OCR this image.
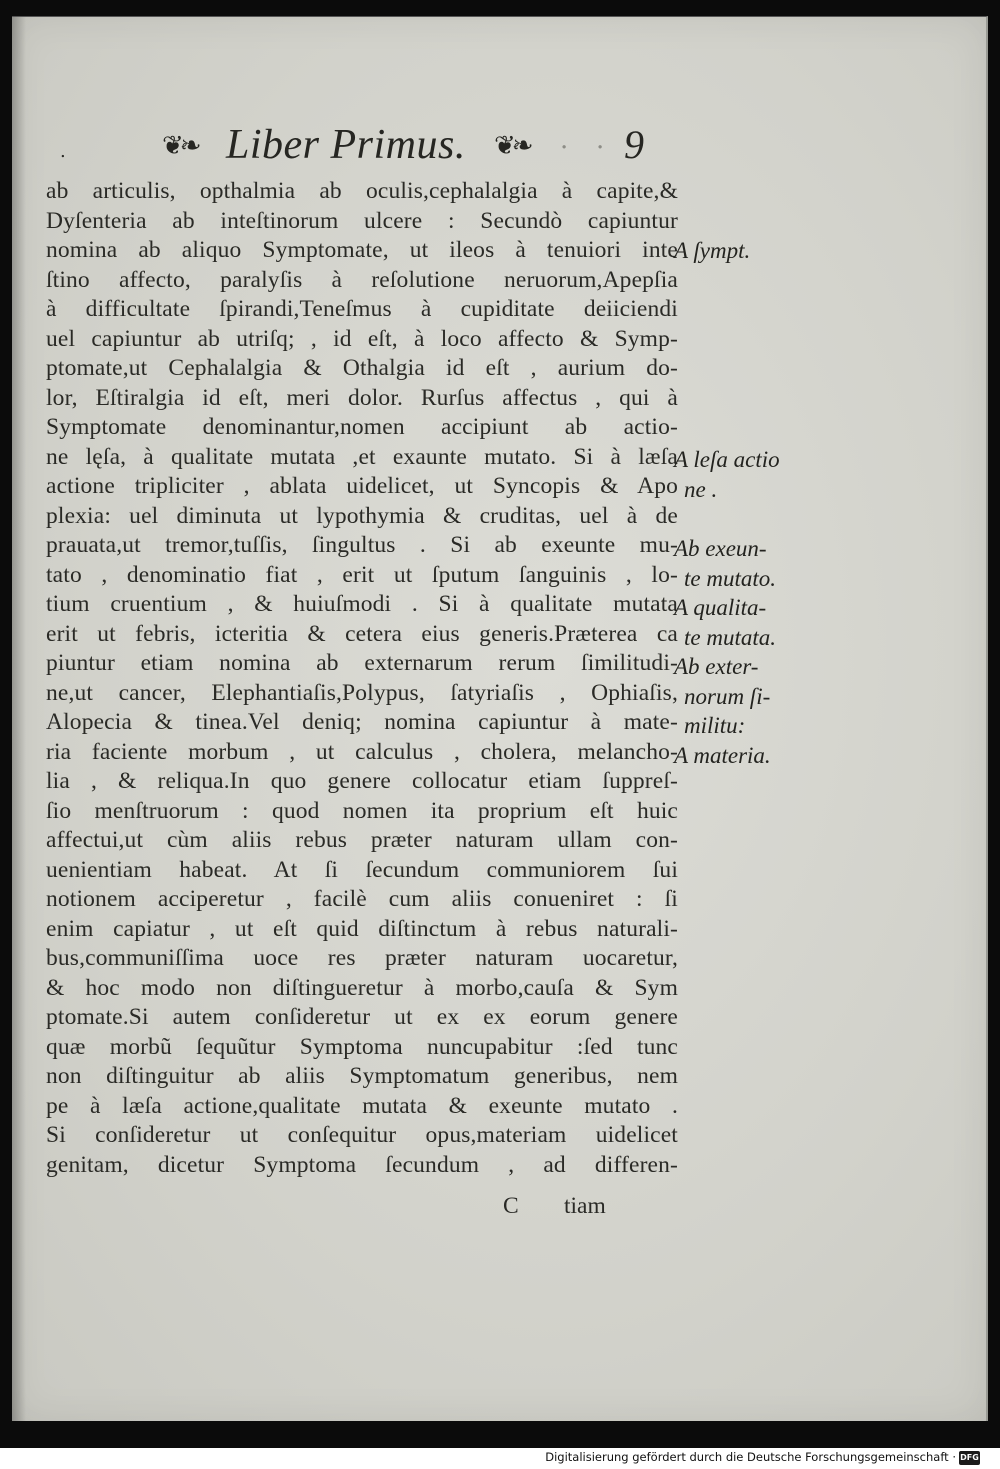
.	❦❧ Liber Primus. ❦❧ · · 9
ab articulis, opthalmia ab oculis,cephalalgia à capite,&
Dyſenteria ab inteſtinorum ulcere : Secundò capiuntur
nomina ab aliquo Symptomate, ut ileos à tenuiori inte
ſtino affecto, paralyſis à reſolutione neruorum,Apepſia
à difficultate ſpirandi,Teneſmus à cupiditate deiiciendi
uel capiuntur ab utriſq; , id eſt, à loco affecto & Symp-
ptomate,ut Cephalalgia & Othalgia id eſt , aurium do-
lor, Eſtiralgia id eſt, meri dolor. Rurſus affectus , qui à
Symptomate denominantur,nomen accipiunt ab actio-
ne lęſa, à qualitate mutata ,et exaunte mutato. Si à læſa
actione tripliciter , ablata uidelicet, ut Syncopis & Apo
plexia: uel diminuta ut lypothymia & cruditas, uel à de
prauata,ut tremor,tuſſis, ſingultus . Si ab exeunte mu-
tato , denominatio fiat , erit ut ſputum ſanguinis , lo-
tium cruentium , & huiuſmodi . Si à qualitate mutata
erit ut febris, icteritia & cetera eius generis.Præterea ca
piuntur etiam nomina ab externarum rerum ſimilitudi-
ne,ut cancer, Elephantiaſis,Polypus, ſatyriaſis , Ophiaſis,
Alopecia & tinea.Vel deniq; nomina capiuntur à mate-
ria faciente morbum , ut calculus , cholera, melancho-
lia , & reliqua.In quo genere collocatur etiam ſuppreſ-
ſio menſtruorum : quod nomen ita proprium eſt huic
affectui,ut cùm aliis rebus præter naturam ullam con-
uenientiam habeat. At ſi ſecundum communiorem ſui
notionem acciperetur , facilè cum aliis conueniret : ſi
enim capiatur , ut eſt quid diſtinctum à rebus naturali-
bus,communiſſima uoce res præter naturam uocaretur,
& hoc modo non diſtingueretur à morbo,cauſa & Sym
ptomate.Si autem conſideretur ut ex ex eorum genere
quæ morbũ ſequũtur Symptoma nuncupabitur :ſed tunc
non diſtinguitur ab aliis Symptomatum generibus, nem
pe à læſa actione,qualitate mutata & exeunte mutato .
Si conſideretur ut conſequitur opus,materiam uidelicet
genitam, dicetur Symptoma ſecundum , ad differen-
C tiam
A ſympt.
A leſa actio
ne .
Ab exeun-
te mutato.
A qualita-
te mutata.
Ab exter-
norum ſi-
militu:
A materia.
Digitalisierung gefördert durch die Deutsche Forschungsgemeinschaft · DFG
